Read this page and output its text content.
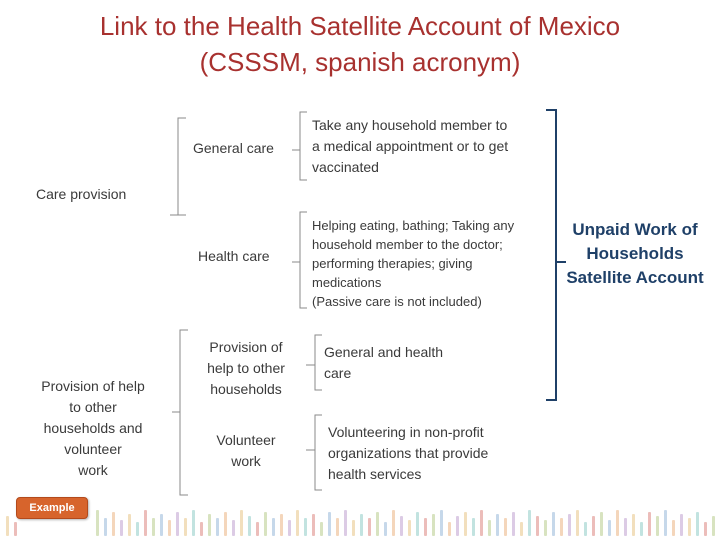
Link to the Health Satellite Account of Mexico
(CSSSM, spanish acronym)
Care provision
Provision of help
to other
households and
volunteer
work
General care
Health care
Provision of
help to other
households
Volunteer
work
Take any household member to
a medical appointment or to get
vaccinated
Helping eating, bathing; Taking any
household member to the doctor;
performing therapies; giving
medications
(Passive care is not included)
General and health
care
Volunteering in non-profit
organizations that provide
health services
Unpaid Work of
Households
Satellite Account
Example
